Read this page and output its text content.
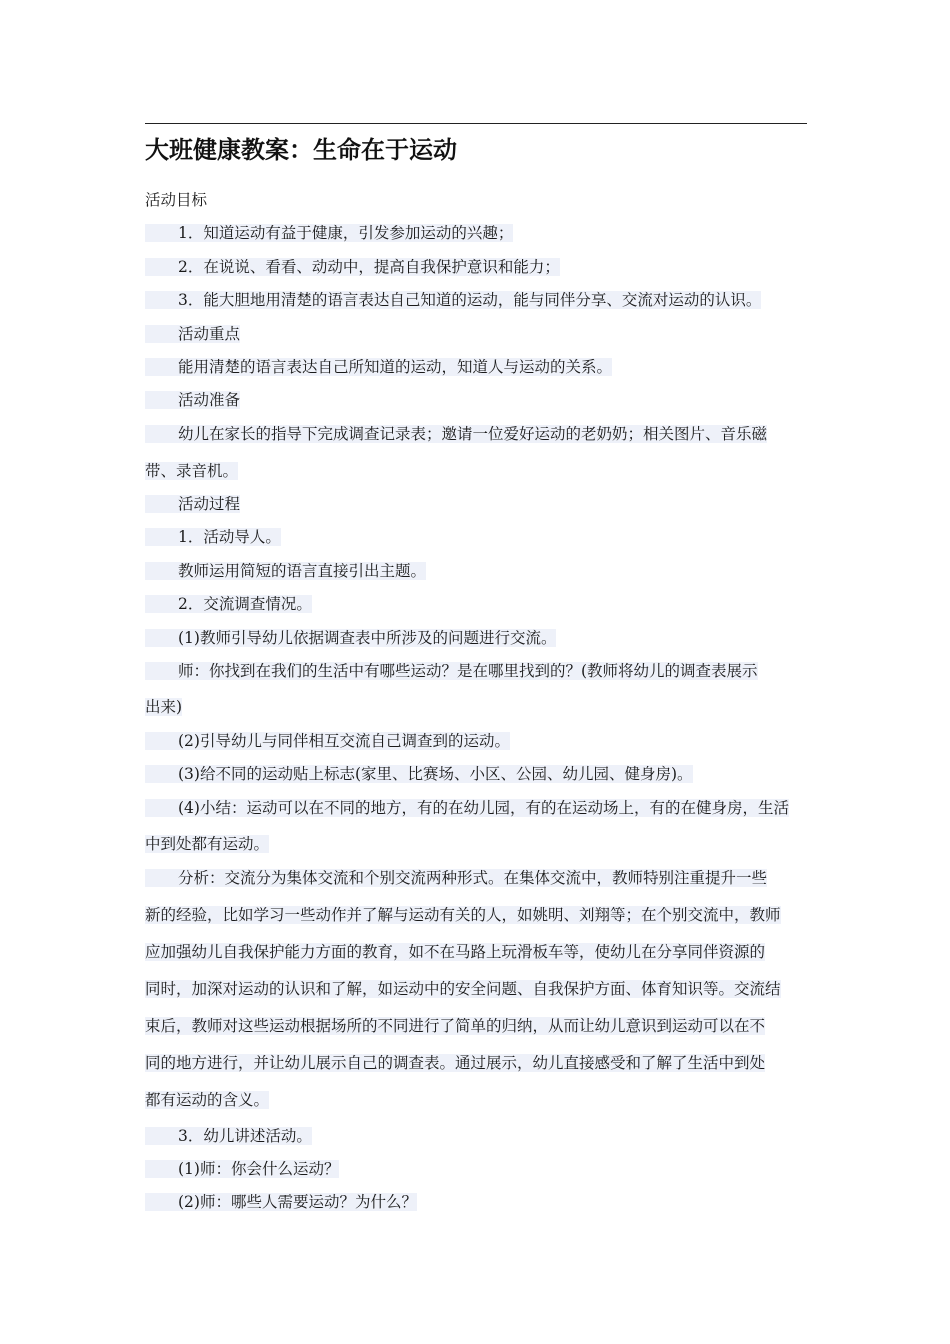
大班健康教案：生命在于运动
活动目标
1．知道运动有益于健康，引发参加运动的兴趣；
2．在说说、看看、动动中，提高自我保护意识和能力；
3．能大胆地用清楚的语言表达自己知道的运动，能与同伴分享、交流对运动的认识。
活动重点
能用清楚的语言表达自己所知道的运动，知道人与运动的关系。
活动准备
幼儿在家长的指导下完成调查记录表；邀请一位爱好运动的老奶奶；相关图片、音乐磁
带、录音机。
活动过程
1．活动导人。
教师运用简短的语言直接引出主题。
2．交流调查情况。
(1)教师引导幼儿依据调查表中所涉及的问题进行交流。
师：你找到在我们的生活中有哪些运动？是在哪里找到的？(教师将幼儿的调查表展示
出来)
(2)引导幼儿与同伴相互交流自己调查到的运动。
(3)给不同的运动贴上标志(家里、比赛场、小区、公园、幼儿园、健身房)。
(4)小结：运动可以在不同的地方，有的在幼儿园，有的在运动场上，有的在健身房，生活
中到处都有运动。
分析：交流分为集体交流和个别交流两种形式。在集体交流中，教师特别注重提升一些
新的经验，比如学习一些动作并了解与运动有关的人，如姚明、刘翔等；在个别交流中，教师
应加强幼儿自我保护能力方面的教育，如不在马路上玩滑板车等，使幼儿在分享同伴资源的
同时，加深对运动的认识和了解，如运动中的安全问题、自我保护方面、体育知识等。交流结
束后，教师对这些运动根据场所的不同进行了简单的归纳，从而让幼儿意识到运动可以在不
同的地方进行，并让幼儿展示自己的调查表。通过展示，幼儿直接感受和了解了生活中到处
都有运动的含义。
3．幼儿讲述活动。
(1)师：你会什么运动？
(2)师：哪些人需要运动？为什么？
